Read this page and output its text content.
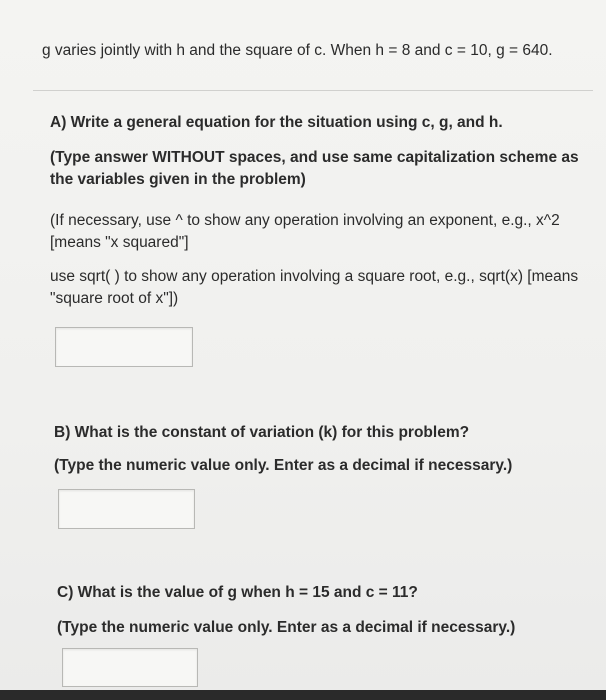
g varies jointly with h and the square of c. When h = 8 and c = 10, g = 640.

A) Write a general equation for the situation using c, g, and h.

(Type answer WITHOUT spaces, and use same capitalization scheme as the variables given in the problem)

(If necessary, use ^ to show any operation involving an exponent, e.g., x^2 [means "x squared"]

use sqrt( ) to show any operation involving a square root, e.g., sqrt(x) [means "square root of x"])

B) What is the constant of variation (k) for this problem?

(Type the numeric value only. Enter as a decimal if necessary.)

C) What is the value of g when h = 15 and c = 11?

(Type the numeric value only. Enter as a decimal if necessary.)
